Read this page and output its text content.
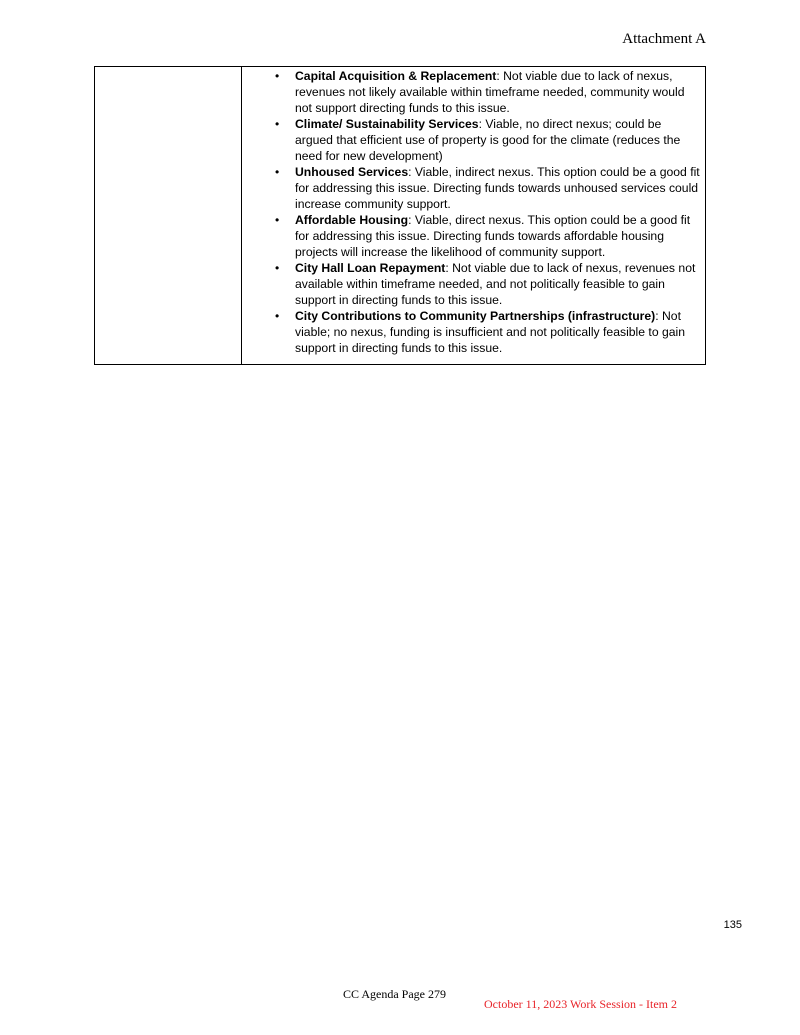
Attachment A

• Capital Acquisition & Replacement: Not viable due to lack of nexus, revenues not likely available within timeframe needed, community would not support directing funds to this issue.
• Climate/ Sustainability Services: Viable, no direct nexus; could be argued that efficient use of property is good for the climate (reduces the need for new development)
• Unhoused Services: Viable, indirect nexus. This option could be a good fit for addressing this issue. Directing funds towards unhoused services could increase community support.
• Affordable Housing: Viable, direct nexus. This option could be a good fit for addressing this issue. Directing funds towards affordable housing projects will increase the likelihood of community support.
• City Hall Loan Repayment: Not viable due to lack of nexus, revenues not available within timeframe needed, and not politically feasible to gain support in directing funds to this issue.
• City Contributions to Community Partnerships (infrastructure): Not viable; no nexus, funding is insufficient and not politically feasible to gain support in directing funds to this issue.
135
CC Agenda Page 279
October 11, 2023 Work Session - Item 2
